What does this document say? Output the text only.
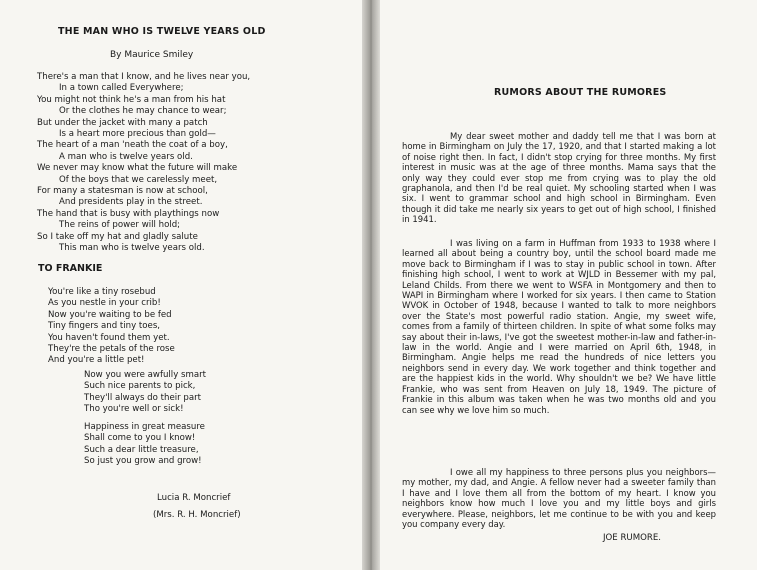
THE MAN WHO IS TWELVE YEARS OLD
By Maurice Smiley
There's a man that I know, and he lives near you,
In a town called Everywhere;
You might not think he's a man from his hat
Or the clothes he may chance to wear;
But under the jacket with many a patch
Is a heart more precious than gold—
The heart of a man 'neath the coat of a boy,
A man who is twelve years old.
We never may know what the future will make
Of the boys that we carelessly meet,
For many a statesman is now at school,
And presidents play in the street.
The hand that is busy with playthings now
The reins of power will hold;
So I take off my hat and gladly salute
This man who is twelve years old.
TO FRANKIE
You're like a tiny rosebud
As you nestle in your crib!
Now you're waiting to be fed
Tiny fingers and tiny toes,
You haven't found them yet.
They're the petals of the rose
And you're a little pet!
Now you were awfully smart
Such nice parents to pick,
They'll always do their part
Tho you're well or sick!
Happiness in great measure
Shall come to you I know!
Such a dear little treasure,
So just you grow and grow!
Lucia R. Moncrief
(Mrs. R. H. Moncrief)
RUMORS ABOUT THE RUMORES

My dear sweet mother and daddy tell me that I was born at home in Birmingham on July the 17, 1920, and that I started making a lot of noise right then. In fact, I didn't stop crying for three months. My first interest in music was at the age of three months. Mama says that the only way they could ever stop me from crying was to play the old graphanola, and then I'd be real quiet. My schooling started when I was six. I went to grammar school and high school in Birmingham. Even though it did take me nearly six years to get out of high school, I finished in 1941.

I was living on a farm in Huffman from 1933 to 1938 where I learned all about being a country boy, until the school board made me move back to Birmingham if I was to stay in public school in town. After finishing high school, I went to work at WJLD in Bessemer with my pal, Leland Childs. From there we went to WSFA in Montgomery and then to WAPI in Birmingham where I worked for six years. I then came to Station WVOK in October of 1948, because I wanted to talk to more neighbors over the State's most powerful radio station. Angie, my sweet wife, comes from a family of thirteen children. In spite of what some folks may say about their in-laws, I've got the sweetest mother-in-law and father-in-law in the world. Angie and I were married on April 6th, 1948, in Birmingham. Angie helps me read the hundreds of nice letters you neighbors send in every day. We work together and think together and are the happiest kids in the world. Why shouldn't we be? We have little Frankie, who was sent from Heaven on July 18, 1949. The picture of Frankie in this album was taken when he was two months old and you can see why we love him so much.

I owe all my happiness to three persons plus you neighbors—my mother, my dad, and Angie. A fellow never had a sweeter family than I have and I love them all from the bottom of my heart. I know you neighbors know how much I love you and my little boys and girls everywhere. Please, neighbors, let me continue to be with you and keep you company every day.

JOE RUMORE.
